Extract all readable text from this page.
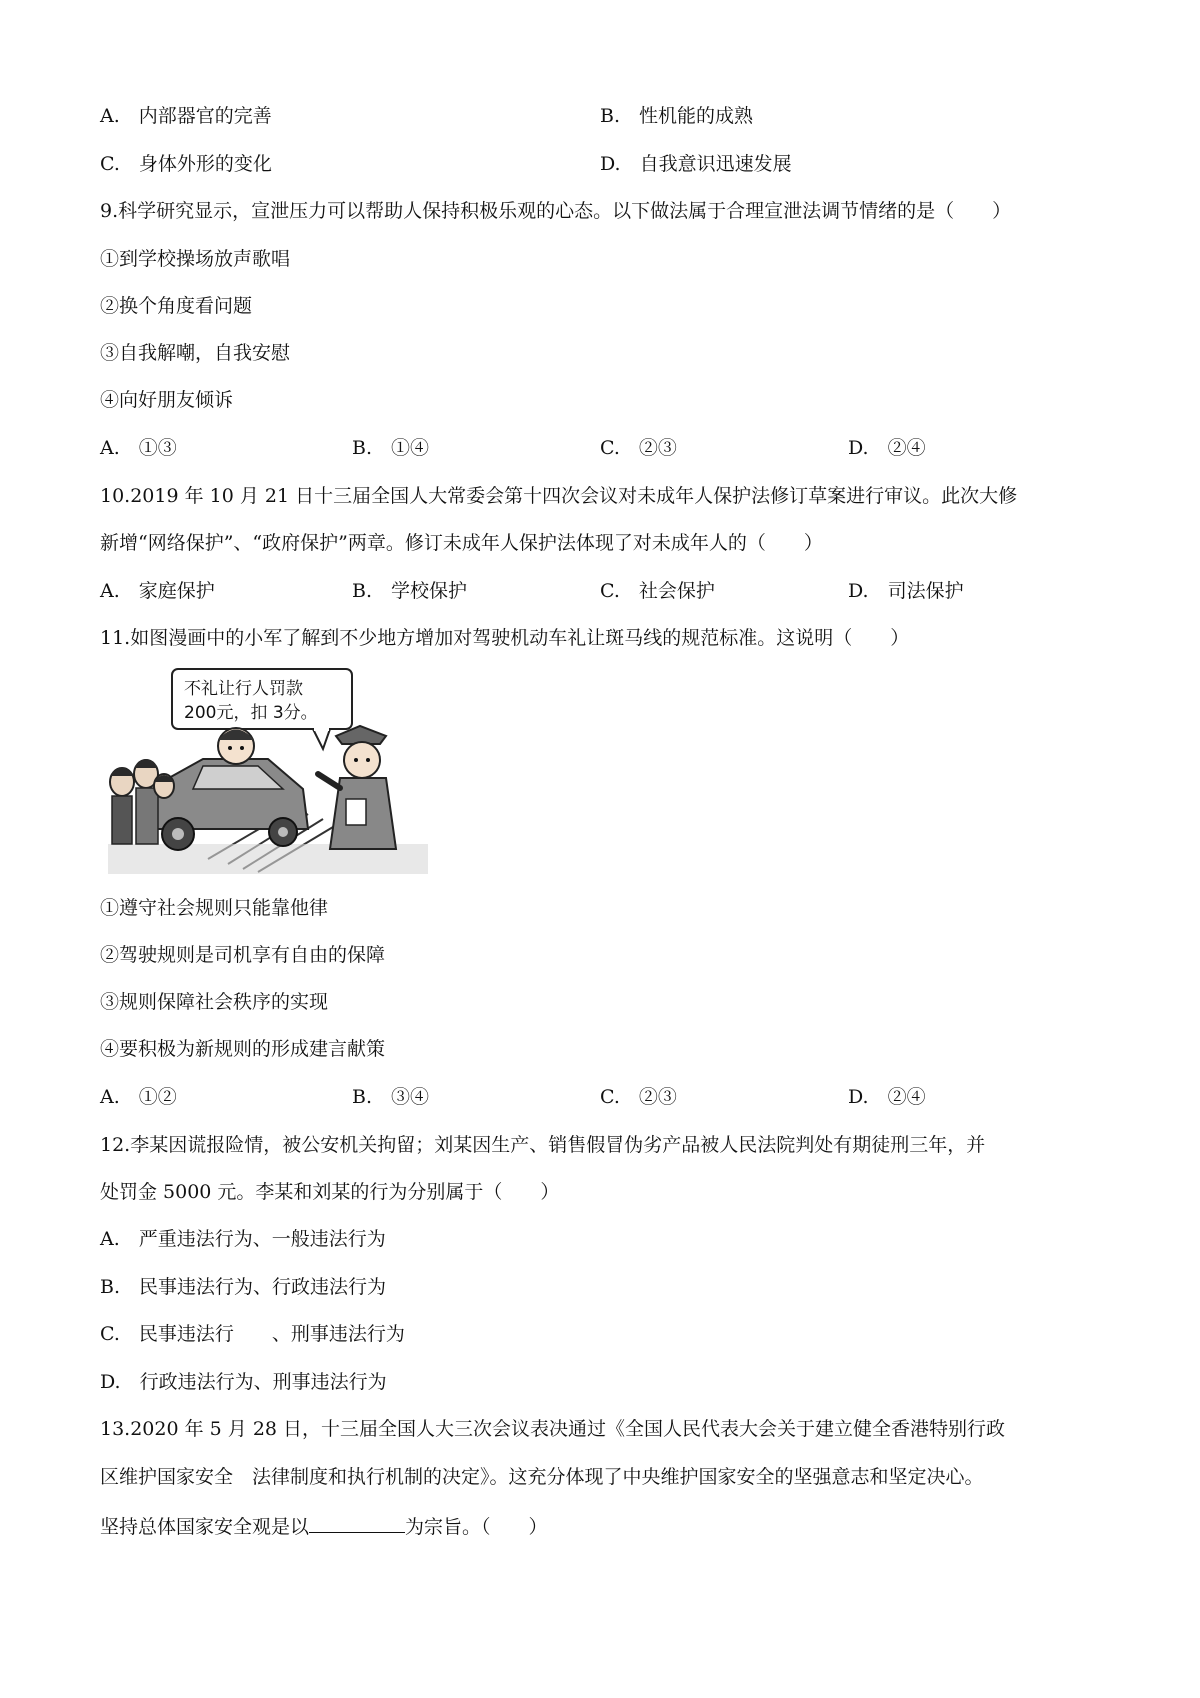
A.　内部器官的完善	B.　性机能的成熟
C.　身体外形的变化	D.　自我意识迅速发展
9.科学研究显示，宣泄压力可以帮助人保持积极乐观的心态。以下做法属于合理宣泄法调节情绪的是（　　）
①到学校操场放声歌唱
②换个角度看问题
③自我解嘲，自我安慰
④向好朋友倾诉
A.　①③	B.　①④	C.　②③	D.　②④
10.2019 年 10 月 21 日十三届全国人大常委会第十四次会议对未成年人保护法修订草案进行审议。此次大修
新增“网络保护”、“政府保护”两章。修订未成年人保护法体现了对未成年人的（　　）
A.　家庭保护	B.　学校保护	C.　社会保护	D.　司法保护
11.如图漫画中的小军了解到不少地方增加对驾驶机动车礼让斑马线的规范标准。这说明（　　）
不礼让行人罚款
200元，扣 3分。
①遵守社会规则只能靠他律
②驾驶规则是司机享有自由的保障
③规则保障社会秩序的实现
④要积极为新规则的形成建言献策
A.　①②	B.　③④	C.　②③	D.　②④
12.李某因谎报险情，被公安机关拘留；刘某因生产、销售假冒伪劣产品被人民法院判处有期徒刑三年，并
处罚金 5000 元。李某和刘某的行为分别属于（　　）
A.　严重违法行为、一般违法行为
B.　民事违法行为、行政违法行为
C.　民事违法行　　、刑事违法行为
D.　行政违法行为、刑事违法行为
13.2020 年 5 月 28 日，十三届全国人大三次会议表决通过《全国人民代表大会关于建立健全香港特别行政
区维护国家安全　法律制度和执行机制的决定》。这充分体现了中央维护国家安全的坚强意志和坚定决心。
坚持总体国家安全观是以	为宗旨。（　　）
